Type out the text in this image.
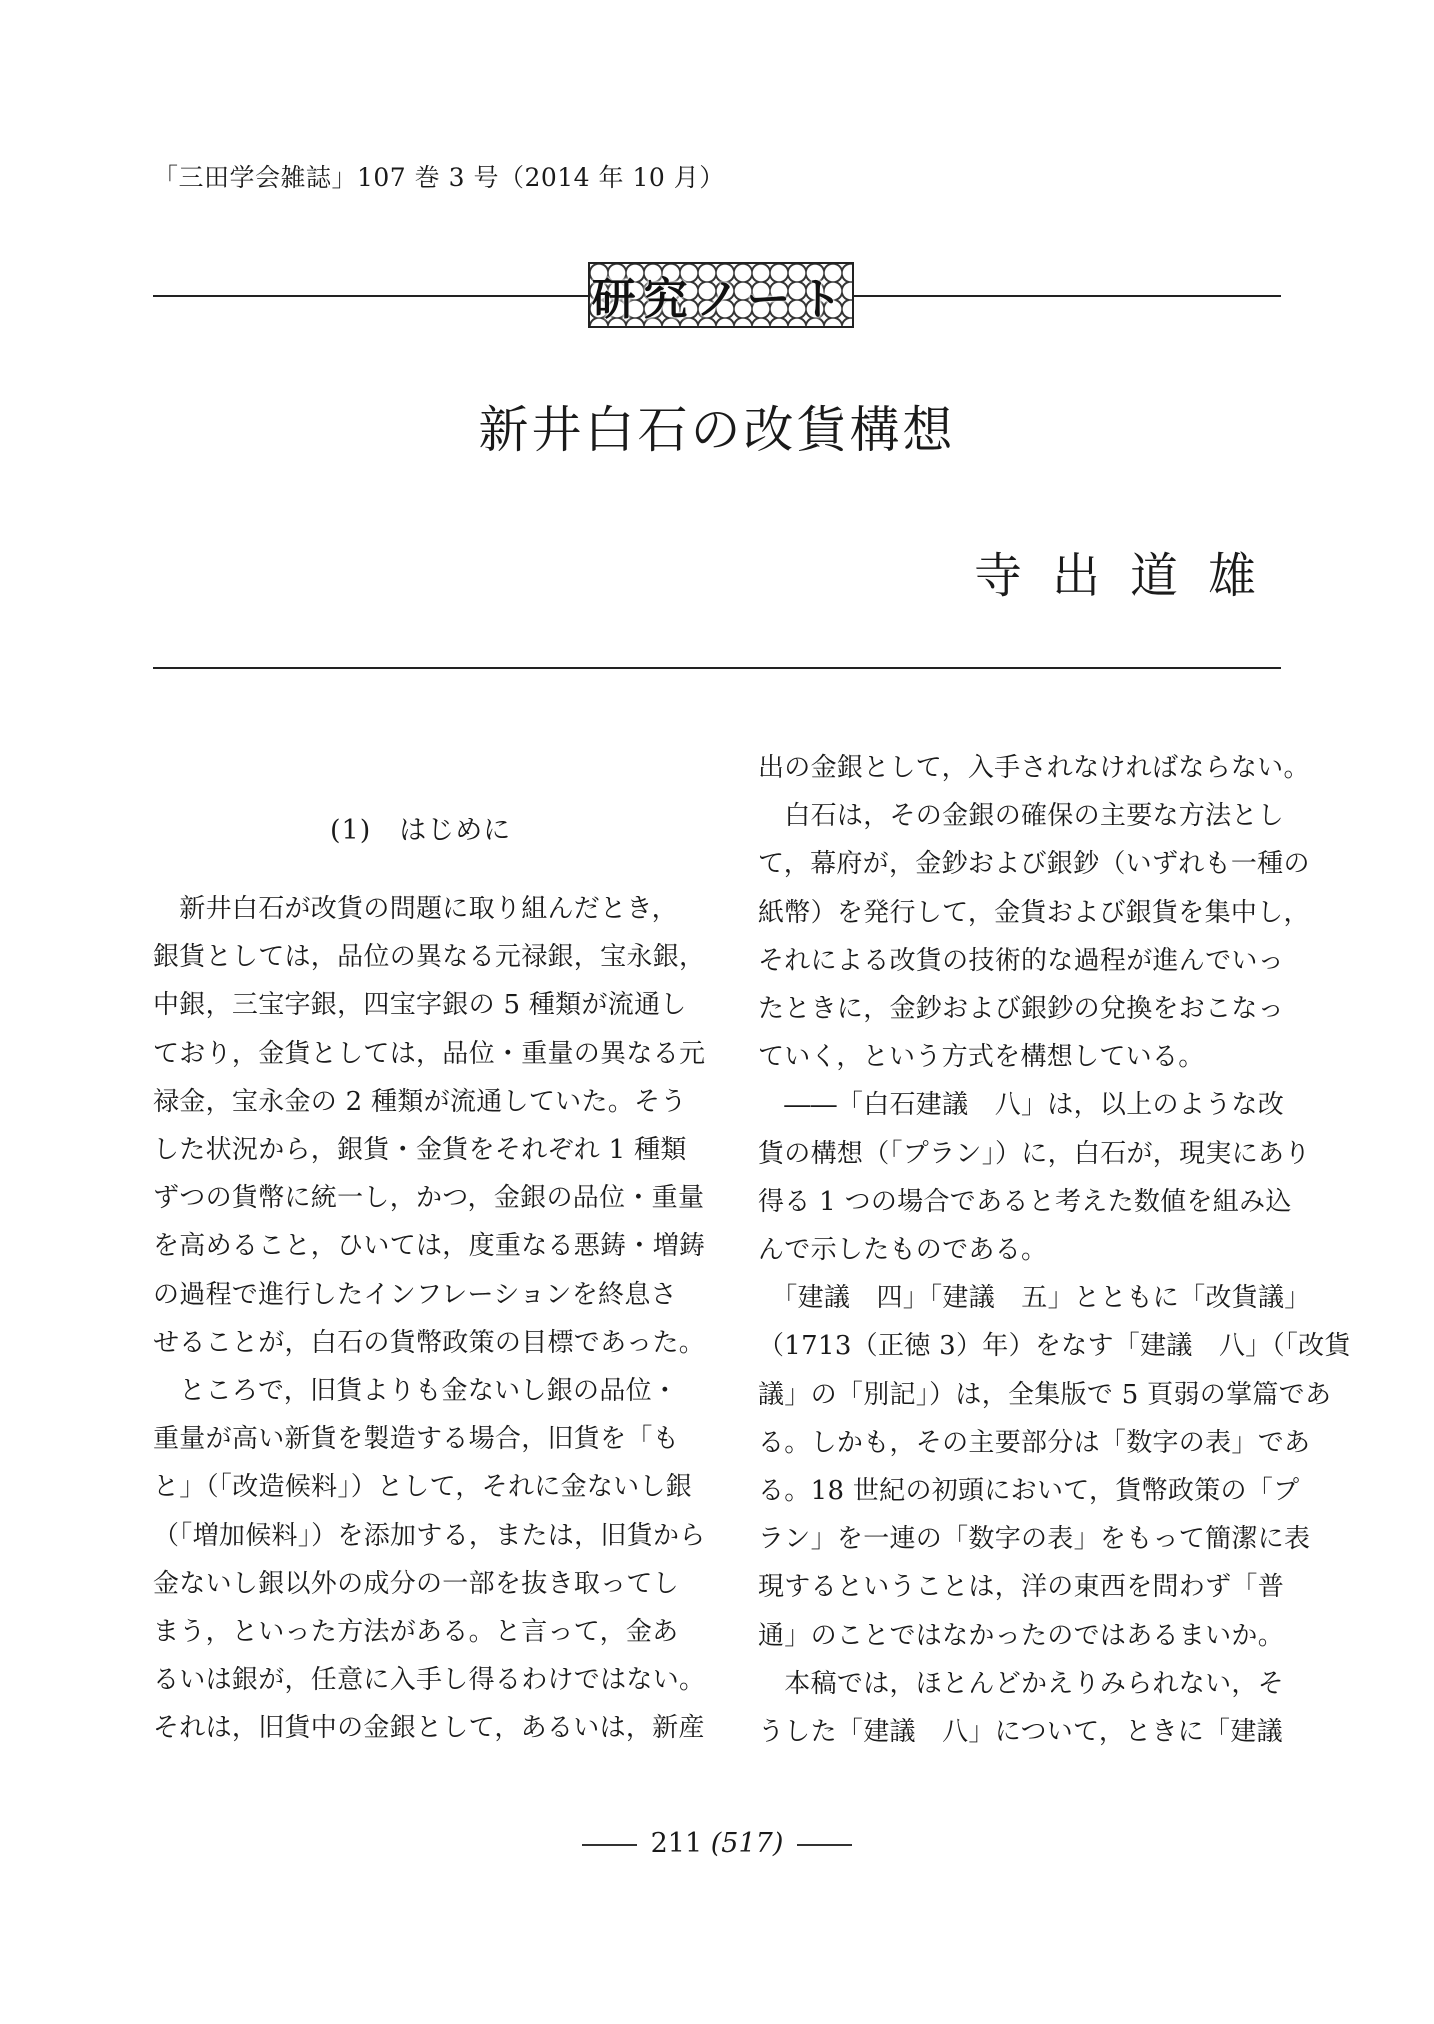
「三田学会雑誌」107 巻 3 号（2014 年 10 月）
研究ノート
新井白石の改貨構想
寺出道雄
(1)　はじめに

　新井白石が改貨の問題に取り組んだとき，

銀貨としては，品位の異なる元禄銀，宝永銀，

中銀，三宝字銀，四宝字銀の 5 種類が流通し

ており，金貨としては，品位・重量の異なる元

禄金，宝永金の 2 種類が流通していた。そう

した状況から，銀貨・金貨をそれぞれ 1 種類

ずつの貨幣に統一し，かつ，金銀の品位・重量

を高めること，ひいては，度重なる悪鋳・増鋳

の過程で進行したインフレーションを終息さ

せることが，白石の貨幣政策の目標であった。

　ところで，旧貨よりも金ないし銀の品位・

重量が高い新貨を製造する場合，旧貨を「も

と」（「改造候料」）として，それに金ないし銀

（「増加候料」）を添加する，または，旧貨から

金ないし銀以外の成分の一部を抜き取ってし

まう，といった方法がある。と言って，金あ

るいは銀が，任意に入手し得るわけではない。

それは，旧貨中の金銀として，あるいは，新産

出の金銀として，入手されなければならない。

　白石は，その金銀の確保の主要な方法とし

て，幕府が，金鈔および銀鈔（いずれも一種の

紙幣）を発行して，金貨および銀貨を集中し，

それによる改貨の技術的な過程が進んでいっ

たときに，金鈔および銀鈔の兌換をおこなっ

ていく，という方式を構想している。

　――「白石建議　八」は，以上のような改

貨の構想（「プラン」）に，白石が，現実にあり

得る 1 つの場合であると考えた数値を組み込

んで示したものである。

　「建議　四」「建議　五」とともに「改貨議」

（1713（正徳 3）年）をなす「建議　八」（「改貨

議」の「別記」）は，全集版で 5 頁弱の掌篇であ

る。しかも，その主要部分は「数字の表」であ

る。18 世紀の初頭において，貨幣政策の「プ

ラン」を一連の「数字の表」をもって簡潔に表

現するということは，洋の東西を問わず「普

通」のことではなかったのではあるまいか。

　本稿では，ほとんどかえりみられない，そ

うした「建議　八」について，ときに「建議

211 (517)
